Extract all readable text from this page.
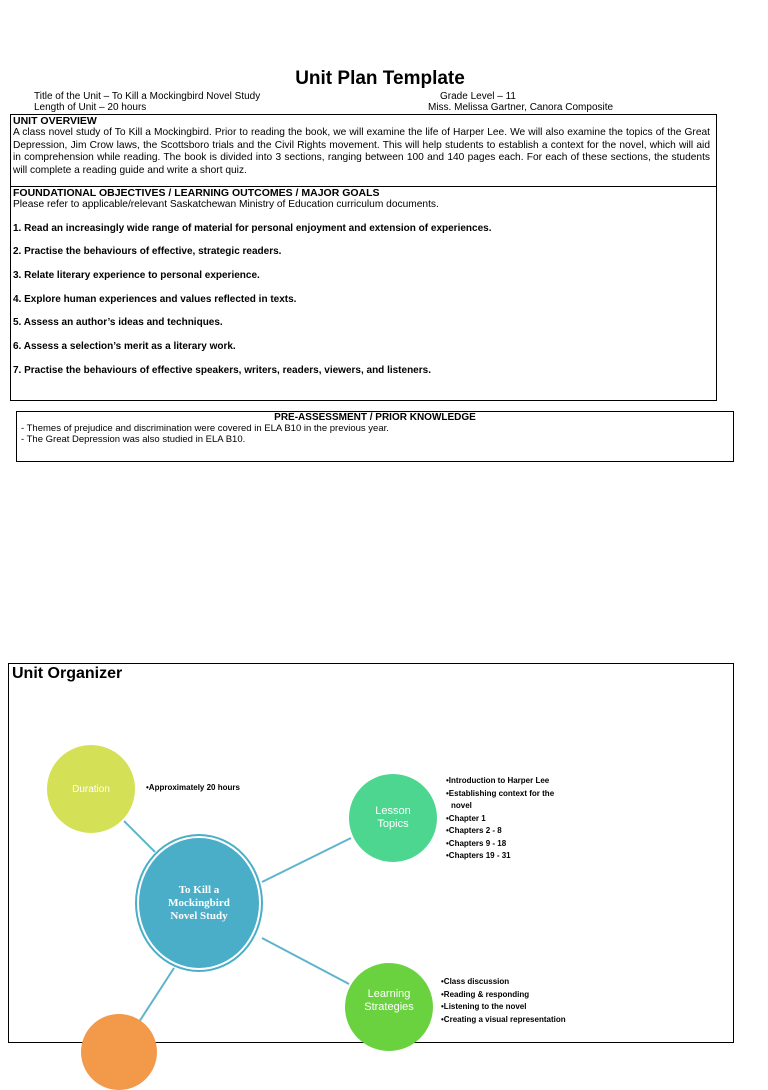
Unit Plan Template
Title of the Unit – To Kill a Mockingbird Novel Study
Length of Unit – 20 hours
Grade Level – 11
Miss. Melissa Gartner, Canora Composite
UNIT OVERVIEW
A class novel study of To Kill a Mockingbird. Prior to reading the book, we will examine the life of Harper Lee. We will also examine the topics of the Great Depression, Jim Crow laws, the Scottsboro trials and the Civil Rights movement. This will help students to establish a context for the novel, which will aid in comprehension while reading. The book is divided into 3 sections, ranging between 100 and 140 pages each. For each of these sections, the students will complete a reading guide and write a short quiz.
FOUNDATIONAL OBJECTIVES / LEARNING OUTCOMES / MAJOR GOALS
Please refer to applicable/relevant Saskatchewan Ministry of Education curriculum documents.
1. Read an increasingly wide range of material for personal enjoyment and extension of experiences.
2. Practise the behaviours of effective, strategic readers.
3. Relate literary experience to personal experience.
4. Explore human experiences and values reflected in texts.
5. Assess an author’s ideas and techniques.
6. Assess a selection’s merit as a literary work.
7. Practise the behaviours of effective speakers, writers, readers, viewers, and listeners.
PRE-ASSESSMENT / PRIOR KNOWLEDGE
- Themes of prejudice and discrimination were covered in ELA B10 in the previous year.
- The Great Depression was also studied in ELA B10.
Unit Organizer
Duration	•Approximately 20 hours
To Kill a Mockingbird Novel Study
Lesson Topics
•Introduction to Harper Lee
•Establishing context for the
novel
•Chapter 1
•Chapters 2 - 8
•Chapters 9 - 18
•Chapters 19 - 31
Learning Strategies
•Class discussion
•Reading & responding
•Listening to the novel
•Creating a visual representation
